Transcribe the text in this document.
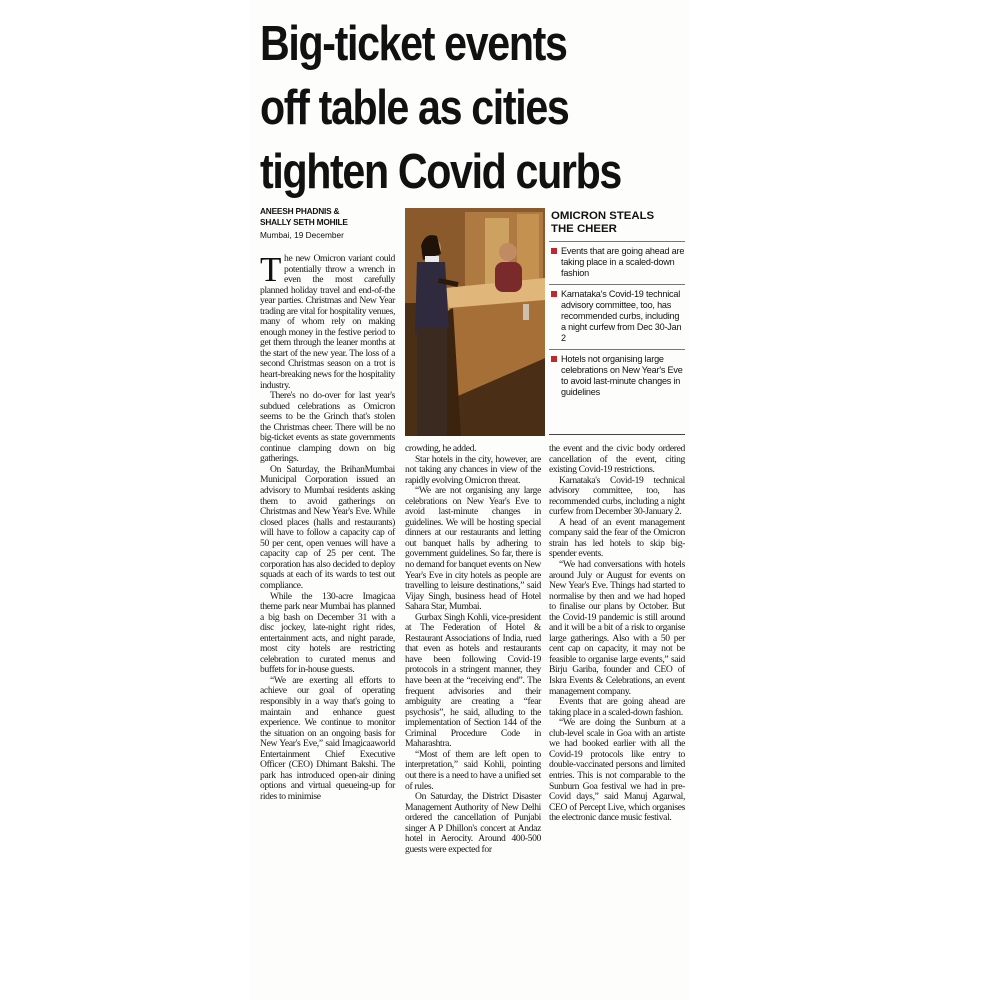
Big-ticket events
off table as cities
tighten Covid curbs
ANEESH PHADNIS &
SHALLY SETH MOHILE
Mumbai, 19 December
OMICRON STEALS
THE CHEER
Events that are going ahead are taking place in a scaled-down fashion
Karnataka's Covid-19 technical advisory committee, too, has recommended curbs, including a night curfew from Dec 30-Jan 2
Hotels not organising large celebrations on New Year's Eve to avoid last-minute changes in guidelines

The new Omicron variant could potentially throw a wrench in even the most carefully planned holiday travel and end-of-the year parties. Christmas and New Year trading are vital for hospitality venues, many of whom rely on making enough money in the festive period to get them through the leaner months at the start of the new year. The loss of a second Christmas season on a trot is heart-breaking news for the hospitality industry.

There's no do-over for last year's subdued celebrations as Omicron seems to be the Grinch that's stolen the Christmas cheer. There will be no big-ticket events as state governments continue clamping down on big gatherings.

On Saturday, the BrihanMumbai Municipal Corporation issued an advisory to Mumbai residents asking them to avoid gatherings on Christmas and New Year's Eve. While closed places (halls and restaurants) will have to follow a capacity cap of 50 per cent, open venues will have a capacity cap of 25 per cent. The corporation has also decided to deploy squads at each of its wards to test out compliance.

While the 130-acre Imagicaa theme park near Mumbai has planned a big bash on December 31 with a disc jockey, late-night right rides, entertainment acts, and night parade, most city hotels are restricting celebration to curated menus and buffets for in-house guests.

“We are exerting all efforts to achieve our goal of operating responsibly in a way that's going to maintain and enhance guest experience. We continue to monitor the situation on an ongoing basis for New Year's Eve,” said Imagicaaworld Entertainment Chief Executive Officer (CEO) Dhimant Bakshi. The park has introduced open-air dining options and virtual queueing-up for rides to minimise

crowding, he added.

Star hotels in the city, however, are not taking any chances in view of the rapidly evolving Omicron threat.

“We are not organising any large celebrations on New Year's Eve to avoid last-minute changes in guidelines. We will be hosting special dinners at our restaurants and letting out banquet halls by adhering to government guidelines. So far, there is no demand for banquet events on New Year's Eve in city hotels as people are travelling to leisure destinations,” said Vijay Singh, business head of Hotel Sahara Star, Mumbai.

Gurbax Singh Kohli, vice-president at The Federation of Hotel & Restaurant Associations of India, rued that even as hotels and restaurants have been following Covid-19 protocols in a stringent manner, they have been at the “receiving end”. The frequent advisories and their ambiguity are creating a “fear psychosis”, he said, alluding to the implementation of Section 144 of the Criminal Procedure Code in Maharashtra.

“Most of them are left open to interpretation,” said Kohli, pointing out there is a need to have a unified set of rules.

On Saturday, the District Disaster Management Authority of New Delhi ordered the cancellation of Punjabi singer A P Dhillon's concert at Andaz hotel in Aerocity. Around 400-500 guests were expected for

the event and the civic body ordered cancellation of the event, citing existing Covid-19 restrictions.

Karnataka's Covid-19 technical advisory committee, too, has recommended curbs, including a night curfew from December 30-January 2.

A head of an event management company said the fear of the Omicron strain has led hotels to skip big-spender events.

“We had conversations with hotels around July or August for events on New Year's Eve. Things had started to normalise by then and we had hoped to finalise our plans by October. But the Covid-19 pandemic is still around and it will be a bit of a risk to organise large gatherings. Also with a 50 per cent cap on capacity, it may not be feasible to organise large events,” said Birju Gariba, founder and CEO of Iskra Events & Celebrations, an event management company.

Events that are going ahead are taking place in a scaled-down fashion.

“We are doing the Sunburn at a club-level scale in Goa with an artiste we had booked earlier with all the Covid-19 protocols like entry to double-vaccinated persons and limited entries. This is not comparable to the Sunburn Goa festival we had in pre-Covid days,” said Manuj Agarwal, CEO of Percept Live, which organises the electronic dance music festival.
